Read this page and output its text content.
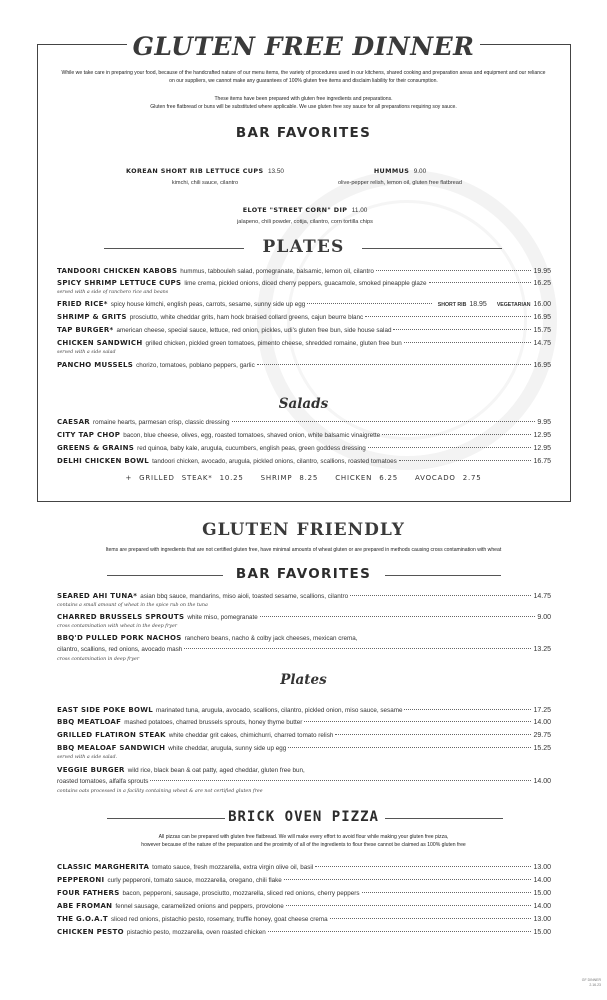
GLUTEN FREE DINNER
While we take care in preparing your food, because of the handcrafted nature of our menu items, the variety of procedures used in our kitchens, shared cooking and preparation areas and equipment and our reliance on our suppliers, we cannot make any guarantees of 100% gluten free items and disclaim liability for their consumption.
These items have been prepared with gluten free ingredients and preparations.
Gluten free flatbread or buns will be substituted where applicable. We use gluten free soy sauce for all preparations requiring soy sauce.
BAR FAVORITES
KOREAN SHORT RIB LETTUCE CUPS 13.50
kimchi, chili sauce, cilantro
HUMMUS 9.00
olive-pepper relish, lemon oil, gluten free flatbread
ELOTE "STREET CORN" DIP 11.00
jalapeno, chili powder, cotija, cilantro, corn tortilla chips
PLATES
TANDOORI CHICKEN KABOBS hummus, tabbouleh salad, pomegranate, balsamic, lemon oil, cilantro	19.95
SPICY SHRIMP LETTUCE CUPS lime crema, pickled onions, diced cherry peppers, guacamole, smoked pineapple glaze	16.25
served with a side of ranchero rice and beans
FRIED RICE* spicy house kimchi, english peas, carrots, sesame, sunny side up egg	SHORT RIB 18.95 VEGETARIAN 16.00
SHRIMP & GRITS prosciutto, white cheddar grits, ham hock braised collard greens, cajun beurre blanc	16.95
TAP BURGER* american cheese, special sauce, lettuce, red onion, pickles, udi's gluten free bun, side house salad	15.75
CHICKEN SANDWICH grilled chicken, pickled green tomatoes, pimento cheese, shredded romaine, gluten free bun	14.75
served with a side salad
PANCHO MUSSELS chorizo, tomatoes, poblano peppers, garlic	16.95
Salads
CAESAR romaine hearts, parmesan crisp, classic dressing	9.95
CITY TAP CHOP bacon, blue cheese, olives, egg, roasted tomatoes, shaved onion, white balsamic vinaigrette	12.95
GREENS & GRAINS red quinoa, baby kale, arugula, cucumbers, english peas, green goddess dressing	12.95
DELHI CHICKEN BOWL tandoori chicken, avocado, arugula, pickled onions, cilantro, scallions, roasted tomatoes	16.75
+ GRILLED STEAK* 10.25 SHRIMP 8.25 CHICKEN 6.25 AVOCADO 2.75
GLUTEN FRIENDLY
Items are prepared with ingredients that are not certified gluten free, have minimal amounts of wheat gluten or are prepared in methods causing cross contamination with wheat
BAR FAVORITES
SEARED AHI TUNA* asian bbq sauce, mandarins, miso aioli, toasted sesame, scallions, cilantro	14.75
contains a small amount of wheat in the spice rub on the tuna
CHARRED BRUSSELS SPROUTS white miso, pomegranate	9.00
cross contamination with wheat in the deep fryer
BBQ'D PULLED PORK NACHOS ranchero beans, nacho & colby jack cheeses, mexican crema,
cilantro, scallions, red onions, avocado mash	13.25
cross contamination in deep fryer
Plates
EAST SIDE POKE BOWL marinated tuna, arugula, avocado, scallions, cilantro, pickled onion, miso sauce, sesame	17.25
BBQ MEATLOAF mashed potatoes, charred brussels sprouts, honey thyme butter	14.00
GRILLED FLATIRON STEAK white cheddar grit cakes, chimichurri, charred tomato relish	29.75
BBQ MEALOAF SANDWICH white cheddar, arugula, sunny side up egg	15.25
served with a side salad.
VEGGIE BURGER wild rice, black bean & oat patty, aged cheddar, gluten free bun,
roasted tomatoes, alfalfa sprouts	14.00
contains oats processed in a facility containing wheat & are not certified gluten free
BRICK OVEN PIZZA
All pizzas can be prepared with gluten free flatbread. We will make every effort to avoid flour while making your gluten free pizza,
however because of the nature of the preparation and the proximity of all of the ingredients to flour these cannot be claimed as 100% gluten free
CLASSIC MARGHERITA tomato sauce, fresh mozzarella, extra virgin olive oil, basil	13.00
PEPPERONI curly pepperoni, tomato sauce, mozzarella, oregano, chili flake	14.00
FOUR FATHERS bacon, pepperoni, sausage, prosciutto, mozzarella, sliced red onions, cherry peppers	15.00
ABE FROMAN fennel sausage, caramelized onions and peppers, provolone	14.00
THE G.O.A.T sliced red onions, pistachio pesto, rosemary, truffle honey, goat cheese crema	13.00
CHICKEN PESTO pistachio pesto, mozzarella, oven roasted chicken	15.00
GF DINNER
2.16.23
